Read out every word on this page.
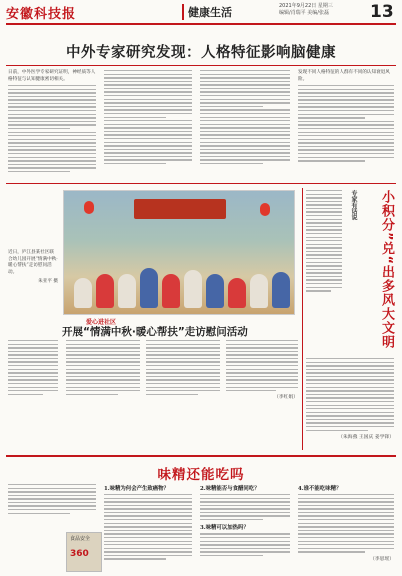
安徽科技报	健康生活	2021年9月22日 星期三
编辑/肖瑞平 美编/张磊 13
中外专家研究发现：人格特征影响脑健康
日前，中外医学专家研究证明，神经质等人格特征与认知健康密切相关。
发现不同人格特征的人群有不同的认知衰退风险。
近日，庐江县某社区联合幼儿园开展“情满中秋·暖心帮扶”走访慰问活动。
朱亚平 摄
爱心进社区
开展“情满中秋·暖心帮扶”走访慰问活动
（李红娟）
专家有话说	小积分”兑“出多风大文明
（朱海燕 王国庆 姜学锋）
味精还能吃吗
食品安全
360
1.味精为何会产生致癌物？	2.味精能否与食醋同吃？
3.味精可以加热吗？
4.谁不能吃味精？
（李思瑶）
